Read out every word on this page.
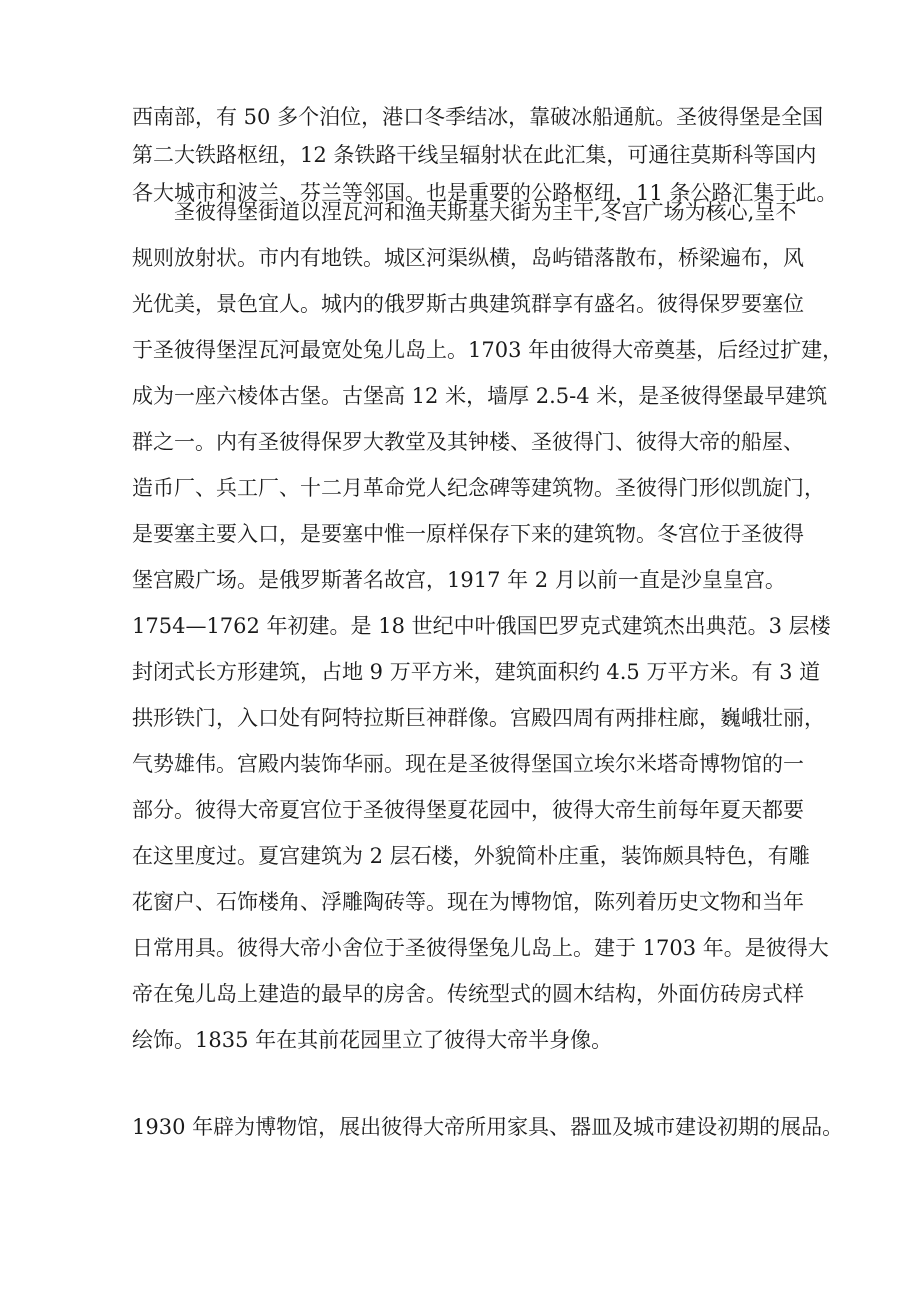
西南部，有 50 多个泊位，港口冬季结冰，靠破冰船通航。圣彼得堡是全国
第二大铁路枢纽，12 条铁路干线呈辐射状在此汇集，可通往莫斯科等国内
各大城市和波兰、芬兰等邻国。也是重要的公路枢纽，11 条公路汇集于此。

　　圣彼得堡街道以涅瓦河和渔夫斯基大街为主干,冬宫广场为核心,呈不
规则放射状。市内有地铁。城区河渠纵横，岛屿错落散布，桥梁遍布，风
光优美，景色宜人。城内的俄罗斯古典建筑群享有盛名。彼得保罗要塞位
于圣彼得堡涅瓦河最宽处兔儿岛上。1703 年由彼得大帝奠基，后经过扩建，
成为一座六棱体古堡。古堡高 12 米，墙厚 2.5-4 米，是圣彼得堡最早建筑
群之一。内有圣彼得保罗大教堂及其钟楼、圣彼得门、彼得大帝的船屋、
造币厂、兵工厂、十二月革命党人纪念碑等建筑物。圣彼得门形似凯旋门，
是要塞主要入口，是要塞中惟一原样保存下来的建筑物。冬宫位于圣彼得
堡宫殿广场。是俄罗斯著名故宫，1917 年 2 月以前一直是沙皇皇宫。
1754—1762 年初建。是 18 世纪中叶俄国巴罗克式建筑杰出典范。3 层楼
封闭式长方形建筑，占地 9 万平方米，建筑面积约 4.5 万平方米。有 3 道
拱形铁门，入口处有阿特拉斯巨神群像。宫殿四周有两排柱廊，巍峨壮丽，
气势雄伟。宫殿内装饰华丽。现在是圣彼得堡国立埃尔米塔奇博物馆的一
部分。彼得大帝夏宫位于圣彼得堡夏花园中，彼得大帝生前每年夏天都要
在这里度过。夏宫建筑为 2 层石楼，外貌简朴庄重，装饰颇具特色，有雕
花窗户、石饰楼角、浮雕陶砖等。现在为博物馆，陈列着历史文物和当年
日常用具。彼得大帝小舍位于圣彼得堡兔儿岛上。建于 1703 年。是彼得大
帝在兔儿岛上建造的最早的房舍。传统型式的圆木结构，外面仿砖房式样
绘饰。1835 年在其前花园里立了彼得大帝半身像。

1930 年辟为博物馆，展出彼得大帝所用家具、器皿及城市建设初期的展品。
